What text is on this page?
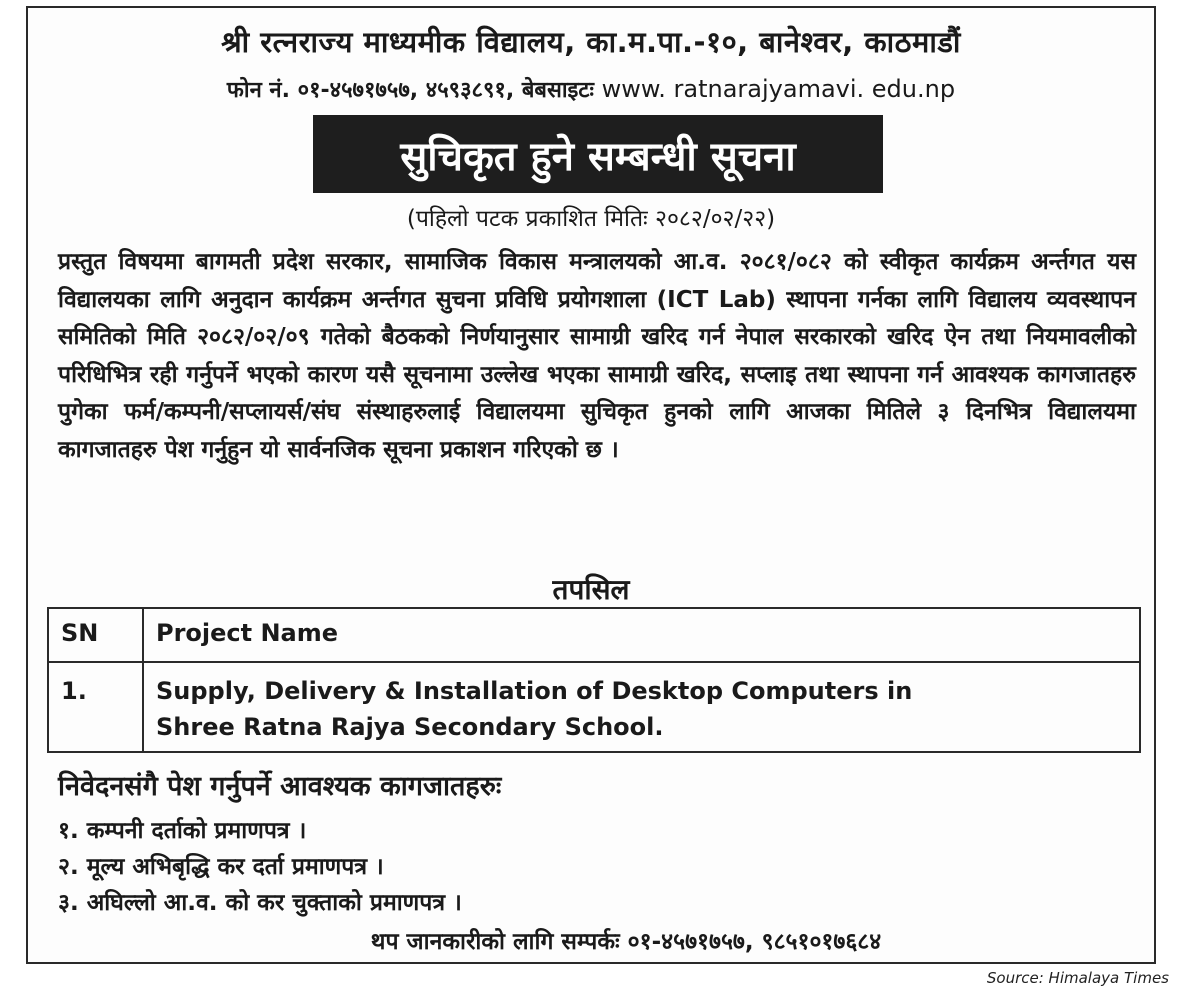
श्री रत्नराज्य माध्यमीक विद्यालय, का.म.पा.-१०, बानेश्वर, काठमाडौं
फोन नं. ०१-४५७१७५७, ४५९३८९१, बेबसाइटः www. ratnarajyamavi. edu.np
सुचिकृत हुने सम्बन्धी सूचना
(पहिलो पटक प्रकाशित मितिः २०८२/०२/२२)
प्रस्तुत विषयमा बागमती प्रदेश सरकार, सामाजिक विकास मन्त्रालयको आ.व. २०८१/०८२ को स्वीकृत कार्यक्रम अर्न्तगत यस विद्यालयका लागि अनुदान कार्यक्रम अर्न्तगत सुचना प्रविधि प्रयोगशाला (ICT Lab) स्थापना गर्नका लागि विद्यालय व्यवस्थापन समितिको मिति २०८२/०२/०९ गतेको बैठकको निर्णयानुसार सामाग्री खरिद गर्न नेपाल सरकारको खरिद ऐन तथा नियमावलीको परिधिभित्र रही गर्नुपर्ने भएको कारण यसै सूचनामा उल्लेख भएका सामाग्री खरिद, सप्लाइ तथा स्थापना गर्न आवश्यक कागजातहरु पुगेका फर्म/कम्पनी/सप्लायर्स/संघ संस्थाहरुलाई विद्यालयमा सुचिकृत हुनको लागि आजका मितिले ३ दिनभित्र विद्यालयमा कागजातहरु पेश गर्नुहुन यो सार्वनजिक सूचना प्रकाशन गरिएको छ ।
तपसिल
SN	Project Name
1.	Supply, Delivery & Installation of Desktop Computers in
Shree Ratna Rajya Secondary School.
निवेदनसंगै पेश गर्नुपर्ने आवश्यक कागजातहरुः
१. कम्पनी दर्ताको प्रमाणपत्र ।
२. मूल्य अभिबृद्धि कर दर्ता प्रमाणपत्र ।
३. अघिल्लो आ.व. को कर चुक्ताको प्रमाणपत्र ।
थप जानकारीको लागि सम्पर्कः ०१-४५७१७५७, ९८५१०१७६८४
Source: Himalaya Times
